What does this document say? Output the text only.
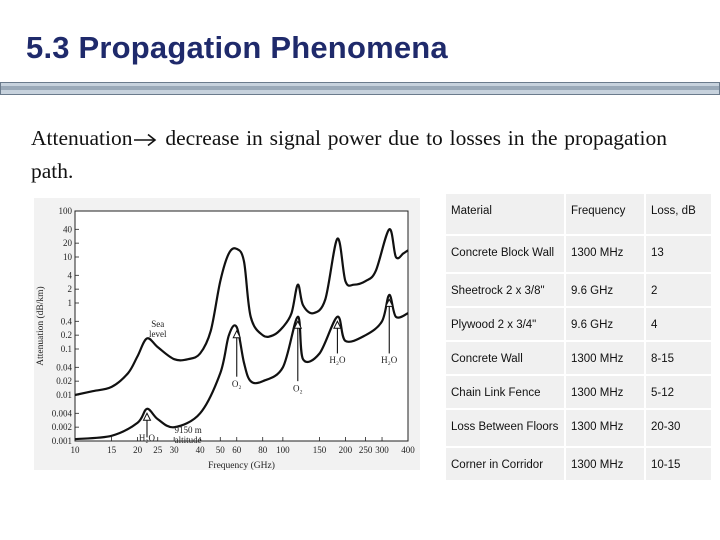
5.3 Propagation Phenomena
Attenuation decrease in signal power due to losses in the propagation path.
100
40
20
10
4
2
1
0.4
0.2
0.1
0.04
0.02
0.01
0.004
0.002
0.001
10	15 20 25 30 40 50 60 80 100	150 200 250 300 400
Frequency (GHz)
Attenuation (dB/km)	Sea level
9150 m altitude
H₂O
O₂	O₂
H₂O	H₂O
Material	Frequency	Loss, dB
Concrete Block Wall	1300 MHz	13
Sheetrock 2 x 3/8"	9.6 GHz	2
Plywood 2 x 3/4"	9.6 GHz	4
Concrete Wall	1300 MHz	8-15
Chain Link Fence	1300 MHz	5-12
Loss Between Floors	1300 MHz	20-30
Corner in Corridor	1300 MHz	10-15
